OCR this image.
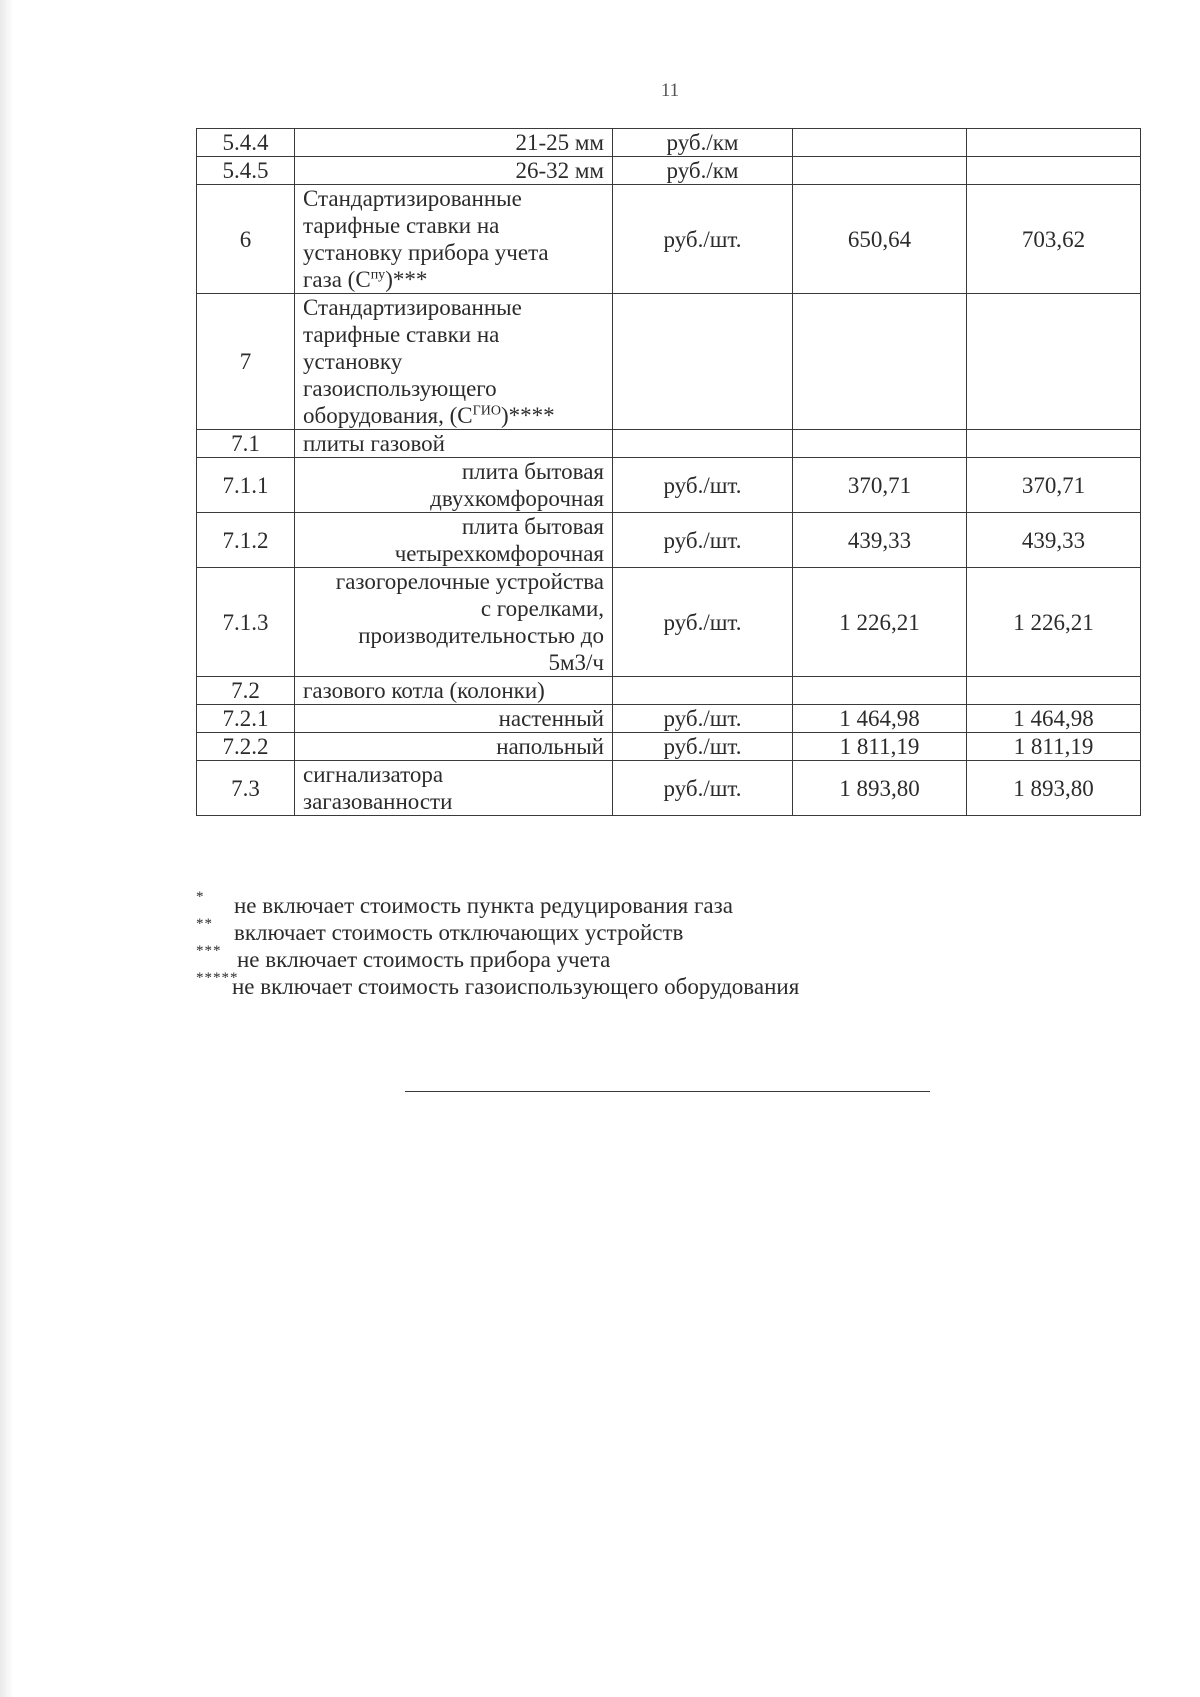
11
5.4.4	21-25 мм	руб./км		
5.4.5	26-32 мм	руб./км		
6	Стандартизированные
тарифные ставки на
установку прибора учета
газа $(С^{пу})***$	руб./шт.	650,64	703,62
7	Стандартизированные
тарифные ставки на
установку
газоиспользующего
оборудования, $(С^{ГИО})****$			
7.1	плиты газовой			
7.1.1	плита бытовая
двухкомфорочная	руб./шт.	370,71	370,71
7.1.2	плита бытовая
четырехкомфорочная	руб./шт.	439,33	439,33
7.1.3	газогорелочные устройства
с горелками,
производительностью до
5м3/ч	руб./шт.	1 226,21	1 226,21
7.2	газового котла (колонки)			
7.2.1	настенный	руб./шт.	1 464,98	1 464,98
7.2.2	напольный	руб./шт.	1 811,19	1 811,19
7.3	сигнализатора
загазованности	руб./шт.	1 893,80	1 893,80
* не включает стоимость пункта редуцирования газа
** включает стоимость отключающих устройств
*** не включает стоимость прибора учета
*****
не включает стоимость газоиспользующего оборудования
